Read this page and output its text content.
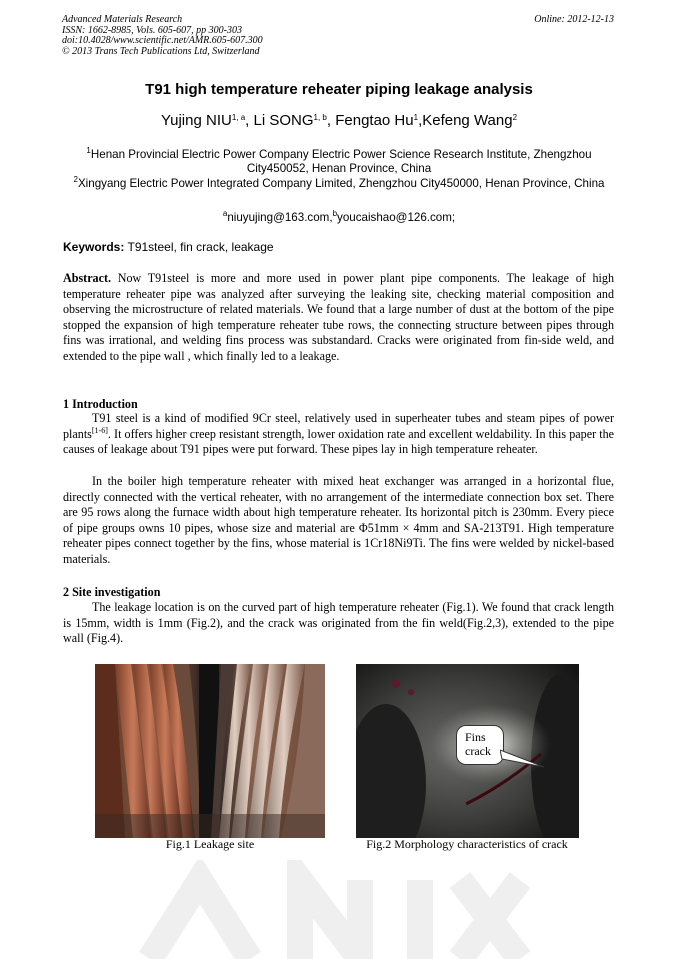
Advanced Materials Research
ISSN: 1662-8985, Vols. 605-607, pp 300-303
doi:10.4028/www.scientific.net/AMR.605-607.300
© 2013 Trans Tech Publications Ltd, Switzerland
Online: 2012-12-13
T91 high temperature reheater piping leakage analysis
Yujing NIU$^{1, a}$, Li SONG$^{1, b}$, Fengtao Hu$^1$,Kefeng Wang$^2$
$^1$Henan Provincial Electric Power Company Electric Power Science Research Institute, Zhengzhou City450052, Henan Province, China
$^2$Xingyang Electric Power Integrated Company Limited, Zhengzhou City450000, Henan Province, China
$^a$niuyujing@163.com,$^b$youcaishao@126.com;
Keywords: T91steel, fin crack, leakage

Abstract. Now T91steel is more and more used in power plant pipe components. The leakage of high temperature reheater pipe was analyzed after surveying the leaking site, checking material composition and observing the microstructure of related materials. We found that a large number of dust at the bottom of the pipe stopped the expansion of high temperature reheater tube rows, the connecting structure between pipes through fins was irrational, and welding fins process was substandard. Cracks were originated from fin-side weld, and extended to the pipe wall , which finally led to a leakage.

1 Introduction

T91 steel is a kind of modified 9Cr steel, relatively used in superheater tubes and steam pipes of power plants[1-6]. It offers higher creep resistant strength, lower oxidation rate and excellent weldability. In this paper the causes of leakage about T91 pipes were put forward. These pipes lay in high temperature reheater.

In the boiler high temperature reheater with mixed heat exchanger was arranged in a horizontal flue, directly connected with the vertical reheater, with no arrangement of the intermediate connection box set. There are 95 rows along the furnace width about high temperature reheater. Its horizontal pitch is 230mm. Every piece of pipe groups owns 10 pipes, whose size and material are Φ51mm × 4mm and SA-213T91. High temperature reheater pipes connect together by the fins, whose material is 1Cr18Ni9Ti. The fins were welded by nickel-based materials.

2 Site investigation

The leakage location is on the curved part of high temperature reheater (Fig.1). We found that crack length is 15mm, width is 1mm (Fig.2), and the crack was originated from the fin weld(Fig.2,3), extended to the pipe wall (Fig.4).

Fins
crack
Fig.1 Leakage site	Fig.2 Morphology characteristics of crack
